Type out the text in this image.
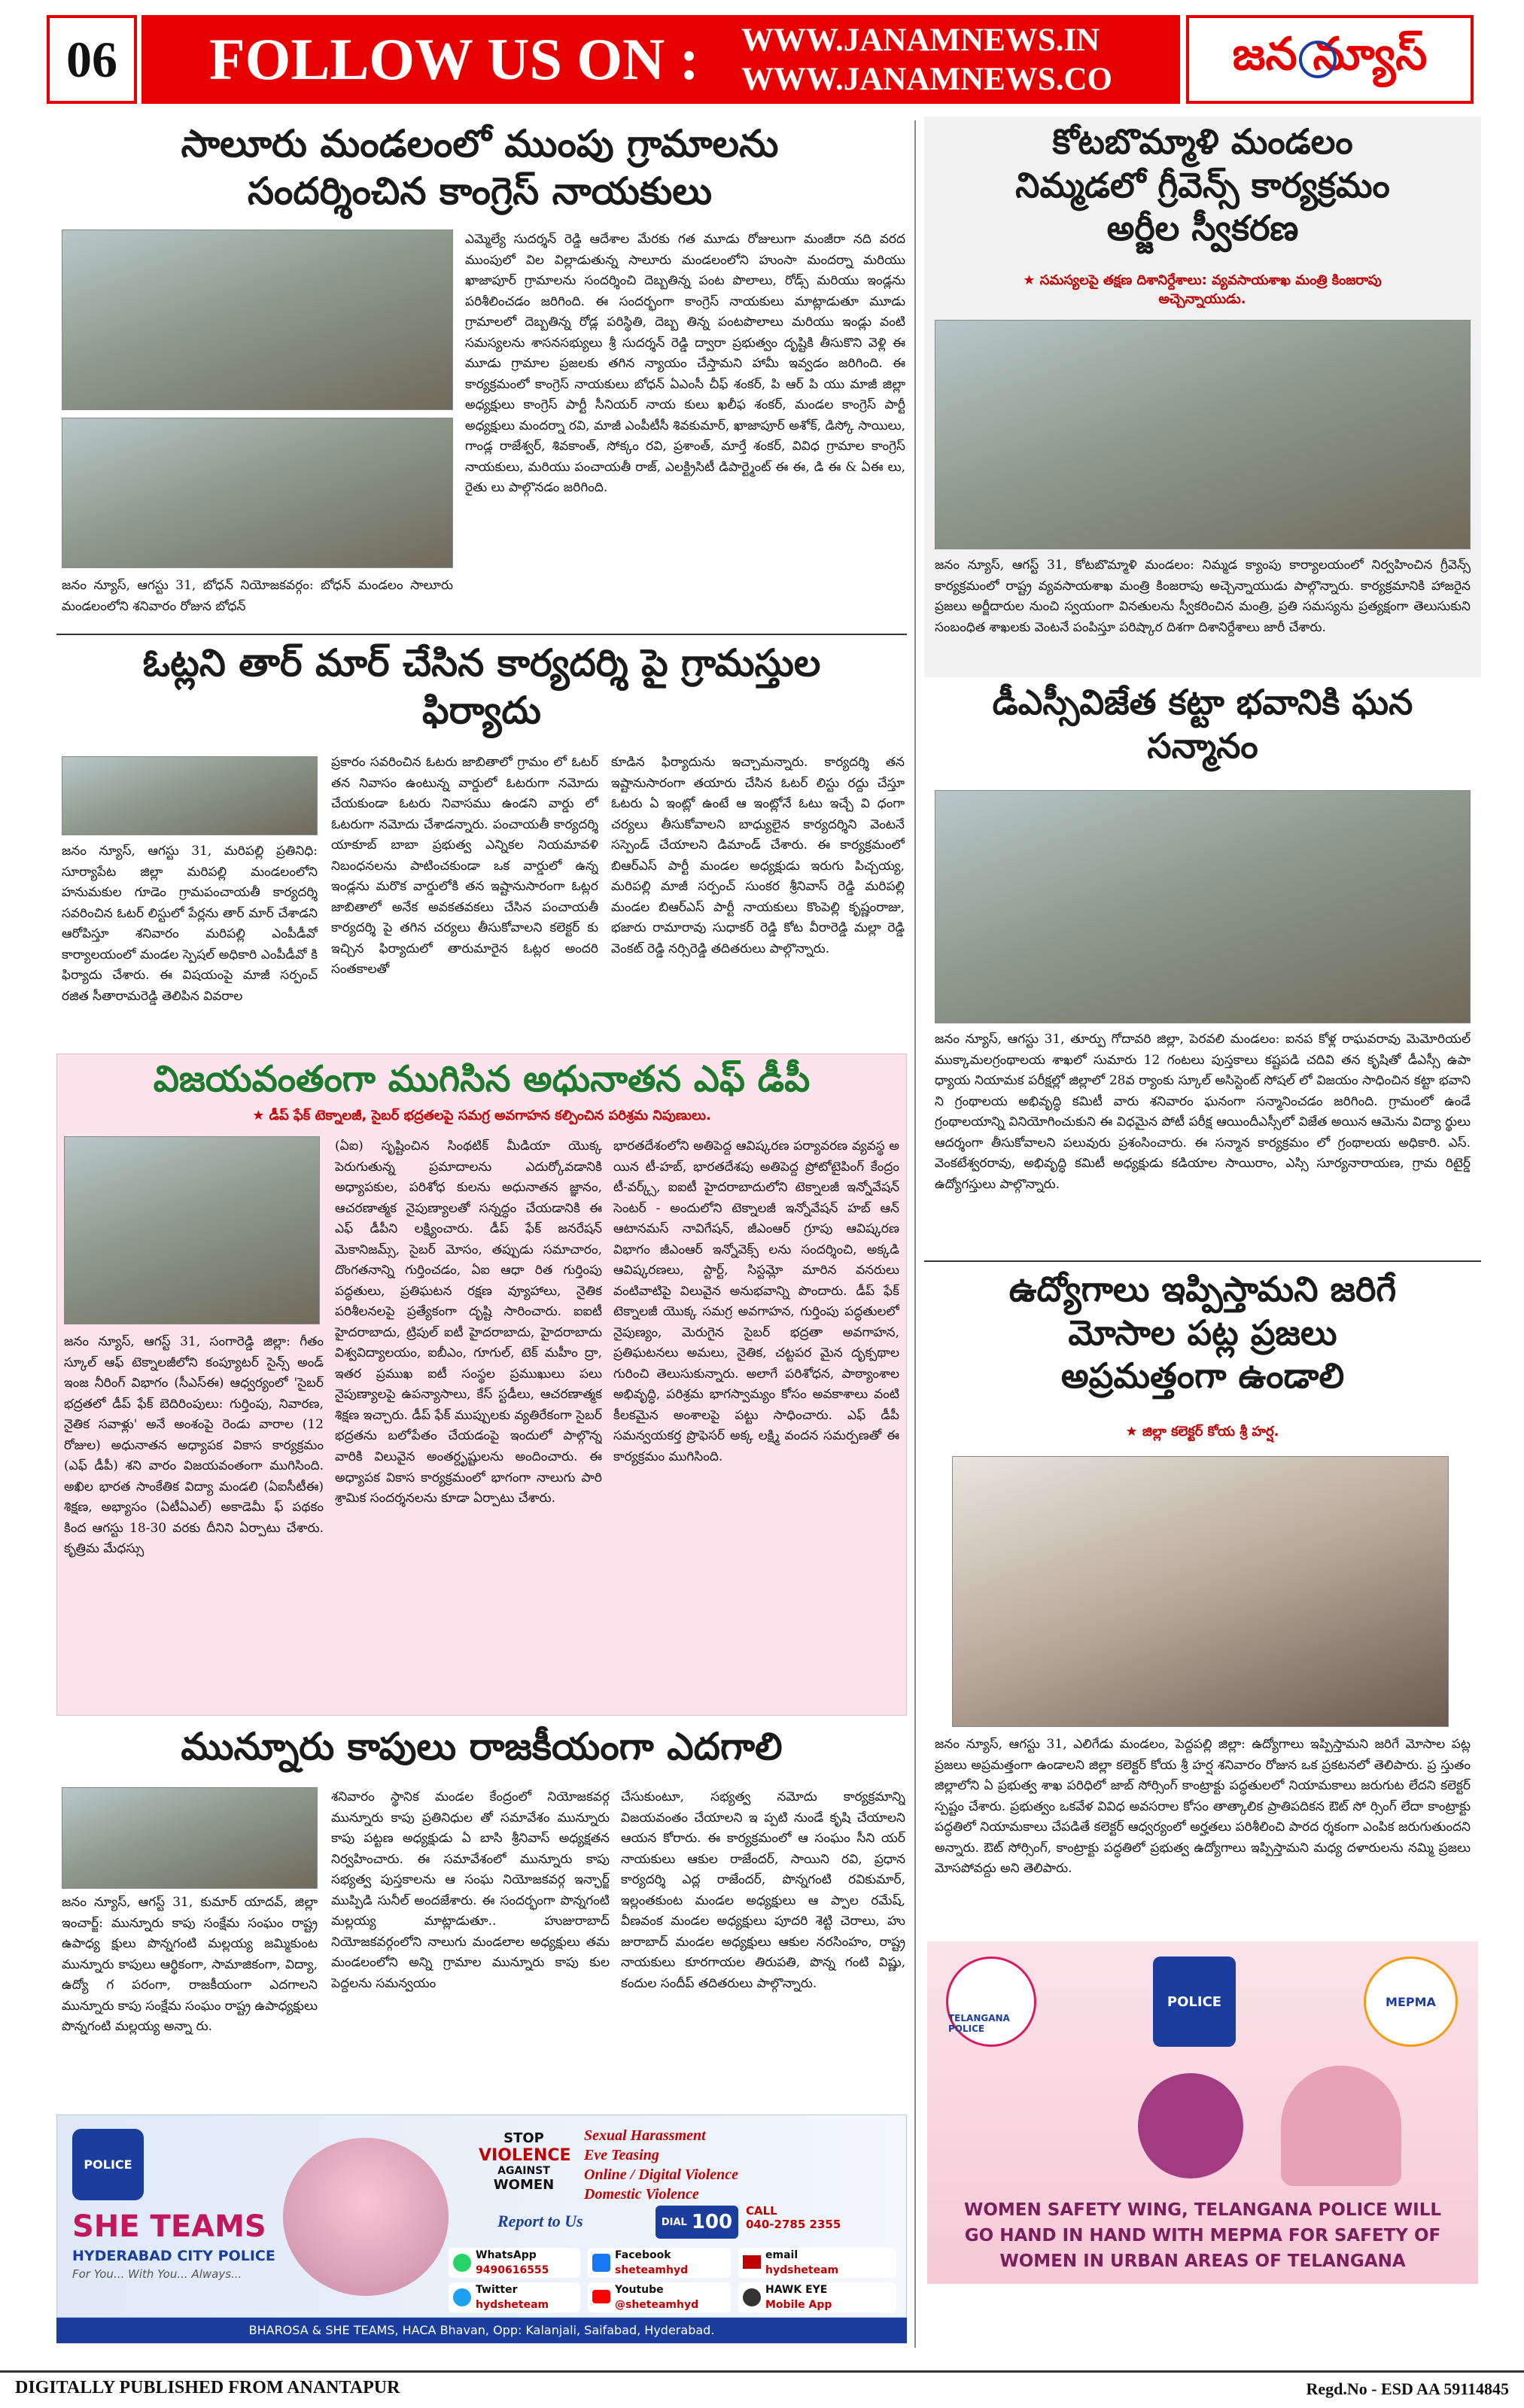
06	FOLLOW US ON :	WWW.JANAMNEWS.IN
WWW.JANAMNEWS.CO	జన న్యూస్
సాలూరు మండలంలో ముంపు గ్రామాలను
సందర్శించిన కాంగ్రెస్ నాయకులు
ఎమ్మెల్యే సుదర్శన్ రెడ్డి ఆదేశాల మేరకు గత మూడు రోజులుగా మంజీరా నది వరద ముంపులో విల విల్లాడుతున్న సాలూరు మండలంలోని హుంసా మందర్నా మరియు ఖాజాపూర్ గ్రామాలను సందర్శించి దెబ్బతిన్న పంట పొలాలు, రోడ్స్ మరియు ఇండ్లను పరిశీలించడం జరిగింది. ఈ సందర్భంగా కాంగ్రెస్ నాయకులు మాట్లాడుతూ మూడు గ్రామాలలో దెబ్బతిన్న రోడ్ల పరిస్థితి, దెబ్బ తిన్న పంటపొలాలు మరియు ఇండ్లు వంటి సమస్యలను శాసనసభ్యులు శ్రీ సుదర్శన్ రెడ్డి ద్వారా ప్రభుత్వం దృష్టికి తీసుకొని వెళ్లి ఈ మూడు గ్రామాల ప్రజలకు తగిన న్యాయం చేస్తామని హామీ ఇవ్వడం జరిగింది. ఈ కార్యక్రమంలో కాంగ్రెస్ నాయకులు బోధన్ ఏఎంసీ చీఫ్ శంకర్, పి ఆర్ పి యు మాజీ జిల్లా అధ్యక్షులు కాంగ్రెస్ పార్టీ సీనియర్ నాయ కులు ఖలీఫ శంకర్, మండల కాంగ్రెస్ పార్టీ అధ్యక్షులు మందర్నా రవి, మాజీ ఎంపీటీసీ శివకుమార్, ఖాజాపూర్ అశోక్, డిస్కో సాయిలు, గాండ్ల రాజేశ్వర్, శివకాంత్, సోక్కం రవి, ప్రశాంత్, మార్తే శంకర్, వివిధ గ్రామాల కాంగ్రెస్ నాయకులు, మరియు పంచాయతీ రాజ్, ఎలక్ట్రిసిటీ డిపార్ట్మెంట్ ఈ ఈ, డి ఈ & ఏఈ లు, రైతు లు పాల్గొనడం జరిగింది.
జనం న్యూస్, ఆగస్టు 31, బోధన్ నియోజకవర్గం: బోధన్ మండలం సాలూరు మండలంలోని శనివారం రోజున బోధన్
ఓట్లని తార్ మార్ చేసిన కార్యదర్శి పై గ్రామస్తుల
ఫిర్యాదు
జనం న్యూస్, ఆగస్టు 31, మరిపల్లి ప్రతినిధి: సూర్యాపేట జిల్లా మరిపల్లి మండలంలోని హనుమకుల గూడెం గ్రామపంచాయతీ కార్యదర్శి సవరించిన ఓటర్ లిస్టులో పేర్లను తార్ మార్ చేశాడని ఆరోపిస్తూ శనివారం మరిపల్లి ఎంపీడీవో కార్యాలయంలో మండల స్పెషల్ అధికారి ఎంపీడీవో కి ఫిర్యాదు చేశారు. ఈ విషయంపై మాజీ సర్పంచ్ రజిత సీతారామరెడ్డి తెలిపిన వివరాల
ప్రకారం సవరించిన ఓటరు జాబితాలో గ్రామం లో ఓటర్ తన నివాసం ఉంటున్న వార్డులో ఓటరుగా నమోదు చేయకుండా ఓటరు నివాసము ఉండని వార్డు లో ఓటరుగా నమోదు చేశాడన్నారు. పంచాయతీ కార్యదర్శి యాకూబ్ బాబా ప్రభుత్వ ఎన్నికల నియమావళి నిబంధనలను పాటించకుండా ఒక వార్డులో ఉన్న ఇండ్లను మరొక వార్డులోకి తన ఇష్టానుసారంగా ఓట్లర జాబితాలో అనేక అవకతవకలు చేసిన పంచాయతీ కార్యదర్శి పై తగిన చర్యలు తీసుకోవాలని కలెక్టర్ కు ఇచ్చిన ఫిర్యాదులో తారుమారైన ఓట్లర అందరి సంతకాలతో
కూడిన ఫిర్యాదును ఇచ్చామన్నారు. కార్యదర్శి తన ఇష్టానుసారంగా తయారు చేసిన ఓటర్ లిస్టు రద్దు చేస్తూ ఓటరు ఏ ఇంట్లో ఉంటే ఆ ఇంట్లోనే ఓటు ఇచ్చే వి ధంగా చర్యలు తీసుకోవాలని బాధ్యులైన కార్యదర్శిని వెంటనే సస్పెండ్ చేయాలని డిమాండ్ చేశారు. ఈ కార్యక్రమంలో బిఆర్ఎస్ పార్టీ మండల అధ్యక్షుడు ఇరుగు పిచ్చయ్య, మరిపల్లి మాజీ సర్పంచ్ సుంకర శ్రీనివాస్ రెడ్డి మరిపల్లి మండల బిఆర్ఎస్ పార్టీ నాయకులు కొంపెల్లి కృష్ణంరాజు, భజారు రామారావు సుధాకర్ రెడ్డి కోట వీరారెడ్డి మల్లా రెడ్డి వెంకట్ రెడ్డి నర్సిరెడ్డి తదితరులు పాల్గొన్నారు.
విజయవంతంగా ముగిసిన అధునాతన ఎఫ్ డీపీ
★ డీప్ ఫేక్ టెక్నాలజీ, సైబర్ భద్రతలపై సమగ్ర అవగాహన కల్పించిన పరిశ్రమ నిపుణులు.
జనం న్యూస్, ఆగస్ట్ 31, సంగారెడ్డి జిల్లా: గీతం స్కూల్ ఆఫ్ టెక్నాలజీలోని కంప్యూటర్ సైన్స్ అండ్ ఇంజ నీరింగ్ విభాగం (సీఎస్ఈ) ఆధ్వర్యంలో 'సైబర్ భద్రతలో డీప్ ఫేక్ బెదిరింపులు: గుర్తింపు, నివారణ, నైతిక సవాళ్లు' అనే అంశంపై రెండు వారాల (12 రోజుల) అధునాతన అధ్యాపక వికాస కార్యక్రమం (ఎఫ్ డీపీ) శని వారం విజయవంతంగా ముగిసింది. అఖిల భారత సాంకేతిక విద్యా మండలి (ఏఐసీటీఈ) శిక్షణ, అభ్యాసం (ఏటీఏఎల్) అకాడెమీ ఫ్ పథకం కింద ఆగస్టు 18-30 వరకు దీనిని ఏర్పాటు చేశారు. కృత్రిమ మేధస్సు
(ఏఐ) సృష్టించిన సింథటిక్ మీడియా యొక్క పెరుగుతున్న ప్రమాదాలను ఎదుర్కోవడానికి అధ్యాపకుల, పరిశోధ కులను అధునాతన జ్ఞానం, ఆచరణాత్మక నైపుణ్యాలతో సన్నద్ధం చేయడానికి ఈ ఎఫ్ డీపీని లక్ష్యించారు. డీప్ ఫేక్ జనరేషన్ మెకానిజమ్స్, సైబర్ మోసం, తప్పుడు సమాచారం, దొంగతనాన్ని గుర్తించడం, ఏఐ ఆధా రిత గుర్తింపు పద్ధతులు, ప్రతిఘటన రక్షణ వ్యూహాలు, నైతిక పరిశీలనలపై ప్రత్యేకంగా దృష్టి సారించారు. ఐఐటీ హైదరాబాదు, ట్రిపుల్ ఐటీ హైదరాబాదు, హైదరాబాదు విశ్వవిద్యాలయం, ఐబీఎం, గూగుల్, టెక్ మహీం ద్రా, ఇతర ప్రముఖ ఐటీ సంస్థల ప్రముఖులు పలు నైపుణ్యాలపై ఉపన్యాసాలు, కేస్ స్టడీలు, ఆచరణాత్మక శిక్షణ ఇచ్చారు. డీప్ ఫేక్ ముప్పులకు వ్యతిరేకంగా సైబర్ భద్రతను బలోపేతం చేయడంపై ఇందులో పాల్గొన్న వారికి విలువైన అంతర్దృష్టులను అందించారు. ఈ అధ్యాపక వికాస కార్యక్రమంలో భాగంగా నాలుగు పారి శ్రామిక సందర్శనలను కూడా ఏర్పాటు చేశారు.
భారతదేశంలోని అతిపెద్ద ఆవిష్కరణ పర్యావరణ వ్యవస్థ అ యిన టీ-హబ్, భారతదేశపు అతిపెద్ద ప్రోటోటైపింగ్ కేంద్రం టీ-వర్క్స్, ఐఐటీ హైదరాబాదులోని టెక్నాలజీ ఇన్నోవేషన్ సెంటర్ - అందులోని టెక్నాలజీ ఇన్నోవేషన్ హబ్ ఆన్ ఆటానమస్ నావిగేషన్, జీఎంఆర్ గ్రూపు ఆవిష్కరణ విభాగం జీఎంఆర్ ఇన్నోవెక్స్ లను సందర్శించి, అక్కడి ఆవిష్కరణలు, స్టార్ట్, సిస్టమ్లో మారిన వనరులు వంటివాటిపై విలువైన అనుభవాన్ని పొందారు. డీప్ ఫేక్ టెక్నాలజీ యొక్క సమగ్ర అవగాహన, గుర్తింపు పద్ధతులలో నైపుణ్యం, మెరుగైన సైబర్ భద్రతా అవగాహన, ప్రతిఘటనలు అమలు, నైతిక, చట్టపర మైన దృక్పథాల గురించి తెలుసుకున్నారు. అలాగే పరిశోధన, పాఠ్యాంశాల అభివృద్ధి, పరిశ్రమ భాగస్వామ్యం కోసం అవకాశాలు వంటి కీలకమైన అంశాలపై పట్టు సాధించారు. ఎఫ్ డీపీ సమన్వయకర్త ప్రొఫెసర్ అక్క లక్ష్మి వందన సమర్పణతో ఈ కార్యక్రమం ముగిసింది.
మున్నూరు కాపులు రాజకీయంగా ఎదగాలి
జనం న్యూస్, ఆగస్ట్ 31, కుమార్ యాదవ్, జిల్లా ఇంచార్జ్: మున్నూరు కాపు సంక్షేమ సంఘం రాష్ట్ర ఉపాధ్య క్షులు పొన్నగంటి మల్లయ్య జమ్మికుంట మున్నూరు కాపులు ఆర్థికంగా, సామాజికంగా, విద్యా, ఉద్యో గ పరంగా, రాజకీయంగా ఎదగాలని మున్నూరు కాపు సంక్షేమ సంఘం రాష్ట్ర ఉపాధ్యక్షులు పొన్నగంటి మల్లయ్య అన్నా రు.
శనివారం స్థానిక మండల కేంద్రంలో నియోజకవర్గ మున్నూరు కాపు ప్రతినిధుల తో సమావేశం మున్నూరు కాపు పట్టణ అధ్యక్షుడు ఏ బాసి శ్రీనివాస్ అధ్యక్షతన నిర్వహించారు. ఈ సమావేశంలో మున్నూరు కాపు సభ్యత్వ పుస్తకాలను ఆ సంఘ నియోజకవర్గ ఇన్ఛార్జ్ ముప్పిడి సునీల్ అందజేశారు. ఈ సందర్భంగా పొన్నగంటి మల్లయ్య మాట్లాడుతూ.. హుజురాబాద్ నియోజకవర్గంలోని నాలుగు మండలాల అధ్యక్షులు తమ మండలంలోని అన్ని గ్రామాల మున్నూరు కాపు కుల పెద్దలను సమన్వయం
చేసుకుంటూ, సభ్యత్వ నమోదు కార్యక్రమాన్ని విజయవంతం చేయాలని ఇ ప్పటి నుండే కృషి చేయాలని ఆయన కోరారు. ఈ కార్యక్రమంలో ఆ సంఘం సీని యర్ నాయకులు ఆకుల రాజేందర్, సాయిని రవి, ప్రధాన కార్యదర్శి ఎద్ల రాజేందర్, పొన్నగంటి రవికుమార్, ఇల్లంతకుంట మండల అధ్యక్షులు ఆ ప్పాల రమేష్, వీణవంక మండల అధ్యక్షులు పూదరి శెట్టి చెరాలు, హు జురాబాద్ మండల అధ్యక్షులు ఆకుల నరసింహం, రాష్ట్ర నాయకులు కూరగాయల తిరుపతి, పొన్న గంటి విష్ణు, కందుల సందీప్ తదితరులు పాల్గొన్నారు.
POLICE
SHE TEAMS
HYDERABAD CITY POLICE
For You... With You... Always...
STOP
VIOLENCE
AGAINST
WOMEN
Sexual Harassment
Eve Teasing
Online / Digital Violence
Domestic Violence
Report to Us	DIAL 100 CALL
040-2785 2355
WhatsApp
9490616555
Facebook
sheteamhyd
email
hydsheteam
Twitter
hydsheteam
Youtube
@sheteamhyd
HAWK EYE
Mobile App
BHAROSA & SHE TEAMS, HACA Bhavan, Opp: Kalanjali, Saifabad, Hyderabad.
కోటబొమ్మాళి మండలం
నిమ్మడలో గ్రీవెన్స్ కార్యక్రమం
అర్జీల స్వీకరణ
★ సమస్యలపై తక్షణ దిశానిర్దేశాలు: వ్యవసాయశాఖ మంత్రి కింజరాపు
అచ్చెన్నాయుడు.
జనం న్యూస్, ఆగస్ట్ 31, కోటబొమ్మాళి మండలం: నిమ్మడ క్యాంపు కార్యాలయంలో నిర్వహించిన గ్రీవెన్స్ కార్యక్రమంలో రాష్ట్ర వ్యవసాయశాఖ మంత్రి కింజరాపు అచ్చెన్నాయుడు పాల్గొన్నారు. కార్యక్రమానికి హాజరైన ప్రజలు అర్జీదారుల నుంచి స్వయంగా వినతులను స్వీకరించిన మంత్రి, ప్రతి సమస్యను ప్రత్యక్షంగా తెలుసుకుని సంబంధిత శాఖలకు వెంటనే పంపిస్తూ పరిష్కార దిశగా దిశానిర్దేశాలు జారీ చేశారు.
డీఎస్సీవిజేత కట్టా భవానికి ఘన
సన్మానం
జనం న్యూస్, ఆగస్టు 31, తూర్పు గోదావరి జిల్లా, పెరవలి మండలం: ఐనప కోళ్ల రాఘవరావు మెమోరియల్ ముక్కామలగ్రంథాలయ శాఖలో సుమారు 12 గంటలు పుస్తకాలు కష్టపడి చదివి తన కృషితో డీఎస్సీ ఉపా ధ్యాయ నియామక పరీక్షల్లో జిల్లాలో 28వ ర్యాంకు స్కూల్ అసిస్టెంట్ సోషల్ లో విజయం సాధించిన కట్టా భవాని ని గ్రంథాలయ అభివృద్ధి కమిటీ వారు శనివారం ఘనంగా సన్మానించడం జరిగింది. గ్రామంలో ఉండే గ్రంథాలయాన్ని వినియోగించుకుని ఈ విధమైన పోటీ పరీక్ష ఆయిందీఎస్సీలో విజేత అయిన ఆమెను విద్యా ర్థులు ఆదర్శంగా తీసుకోవాలని పలువురు ప్రశంసించారు. ఈ సన్మాన కార్యక్రమం లో గ్రంథాలయ అధికారి. ఎస్. వెంకటేశ్వరరావు, అభివృద్ధి కమిటీ అధ్యక్షుడు కడియాల సాయిరాం, ఎస్సి సూర్యనారాయణ, గ్రామ రిటైర్డ్ ఉద్యోగస్తులు పాల్గొన్నారు.
ఉద్యోగాలు ఇప్పిస్తామని జరిగే
మోసాల పట్ల ప్రజలు
అప్రమత్తంగా ఉండాలి
★ జిల్లా కలెక్టర్ కోయ శ్రీ హర్ష.
జనం న్యూస్, ఆగస్టు 31, ఎలిగేడు మండలం, పెద్దపల్లి జిల్లా: ఉద్యోగాలు ఇప్పిస్తామని జరిగే మోసాల పట్ల ప్రజలు అప్రమత్తంగా ఉండాలని జిల్లా కలెక్టర్ కోయ శ్రీ హర్ష శనివారం రోజున ఒక ప్రకటనలో తెలిపారు. ప్ర స్తుతం జిల్లాలోని ఏ ప్రభుత్వ శాఖ పరిధిలో జాబ్ సోర్సింగ్ కాంట్రాక్టు పద్ధతులలో నియామకాలు జరుగుట లేదని కలెక్టర్ స్పష్టం చేశారు. ప్రభుత్వం ఒకవేళ వివిధ అవసరాల కోసం తాత్కాలిక ప్రాతిపదికన ఔట్ సో ర్సింగ్ లేదా కాంట్రాక్టు పద్ధతిలో నియామకాలు చేపడితే కలెక్టర్ ఆధ్వర్యంలో అర్హతలు పరిశీలించి పారద ర్శకంగా ఎంపిక జరుగుతుందని అన్నారు. ఔట్ సోర్సింగ్, కాంట్రాక్టు పద్ధతిలో ప్రభుత్వ ఉద్యోగాలు ఇప్పిస్తామని మధ్య దళారులను నమ్మి ప్రజలు మోసపోవద్దు అని తెలిపారు.
TELANGANA POLICE
POLICE	MEPMA
WOMEN SAFETY WING, TELANGANA POLICE WILL
GO HAND IN HAND WITH MEPMA FOR SAFETY OF
WOMEN IN URBAN AREAS OF TELANGANA
DIGITALLY PUBLISHED FROM ANANTAPUR	Regd.No - ESD AA 59114845
